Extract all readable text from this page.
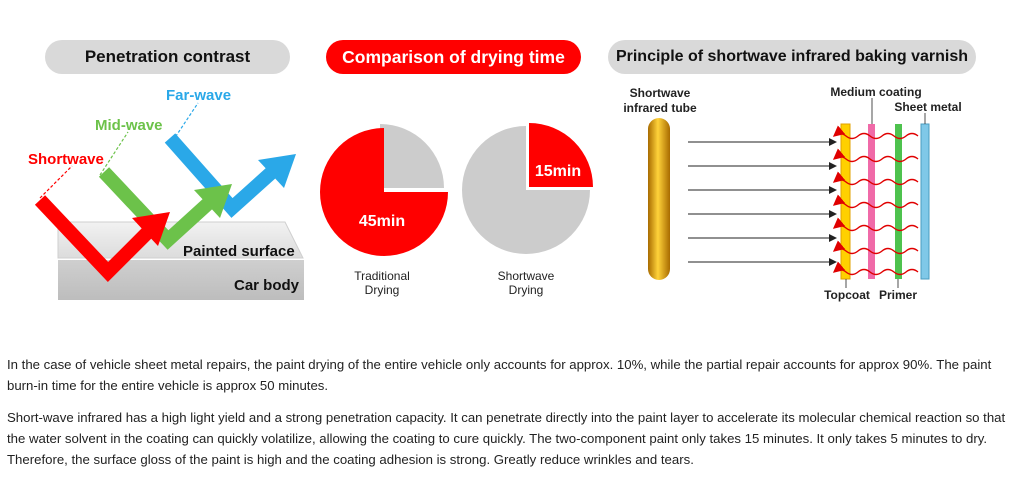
Penetration contrast	Comparison of drying time	Principle of shortwave infrared baking varnish
Far-wave
Mid-wave
Shortwave
Painted surface
Car body
45min
15min
Traditional
Drying
Shortwave
Drying
Shortwave
infrared tube
Medium coating
Sheet metal
Topcoat Primer

In the case of vehicle sheet metal repairs, the paint drying of the entire vehicle only accounts for approx. 10%, while the partial repair accounts for approx 90%. The paint burn-in time for the entire vehicle is approx 50 minutes.

Short-wave infrared has a high light yield and a strong penetration capacity. It can penetrate directly into the paint layer to accelerate its molecular chemical reaction so that the water solvent in the coating can quickly volatilize, allowing the coating to cure quickly. The two-component paint only takes 15 minutes. It only takes 5 minutes to dry. Therefore, the surface gloss of the paint is high and the coating adhesion is strong. Greatly reduce wrinkles and tears.
